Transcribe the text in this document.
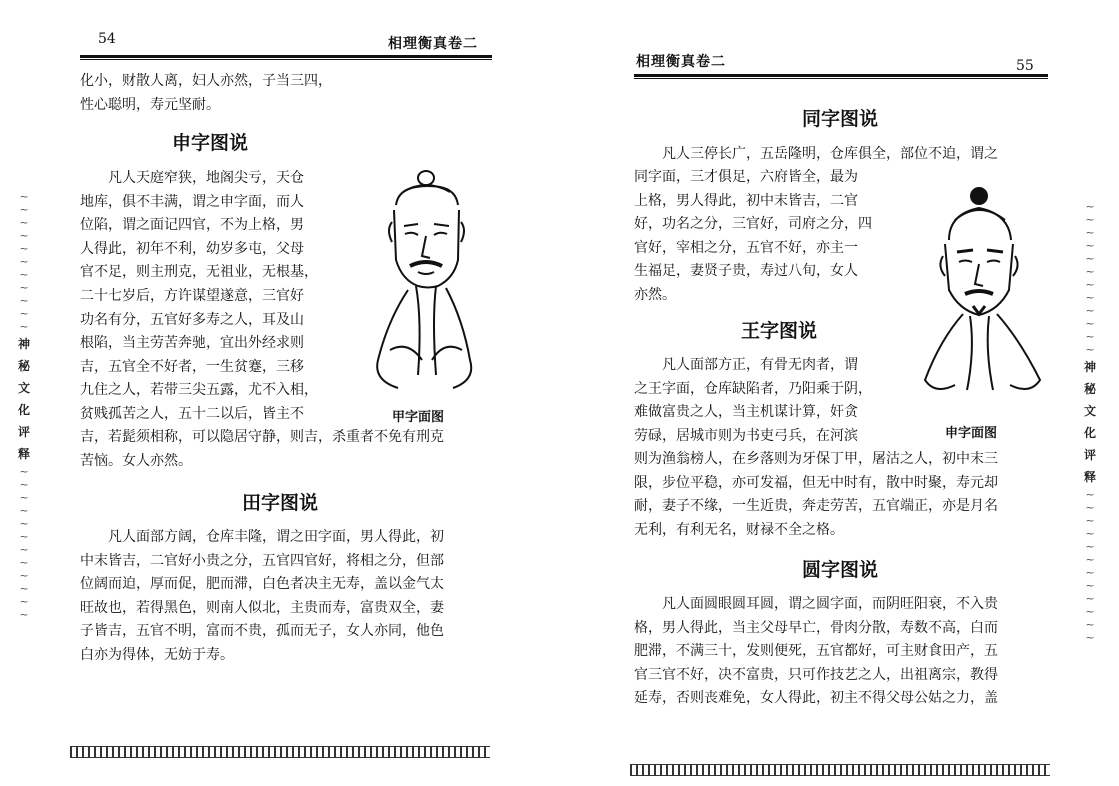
54	相理衡真卷二

化小，财散人离，妇人亦然，子当三四，

性心聪明，寿元坚耐。

申字图说

凡人天庭窄狭，地阁尖亏，天仓

地库，俱不丰满，谓之申字面，而人

位陷，谓之面记四官，不为上格，男

人得此，初年不利，幼岁多屯，父母

官不足，则主刑克，无祖业，无根基，

二十七岁后，方许谋望遂意，三官好

功名有分，五官好多寿之人，耳及山

根陷，当主劳苦奔驰，宜出外经求则

吉，五官全不好者，一生贫蹇，三移

九住之人，若带三尖五露，尤不入相，

贫贱孤苦之人，五十二以后，皆主不	甲字面图

吉，若髭须相称，可以隐居守静，则吉，杀重者不免有刑克

苦恼。女人亦然。

田字图说

凡人面部方阔，仓库丰隆，谓之田字面，男人得此，初

中末皆吉，二官好小贵之分，五官四官好，将相之分，但部

位阔而迫，厚而促，肥而滞，白色者决主无寿，盖以金气太

旺故也，若得黑色，则南人似北，主贵而寿，富贵双全，妻

子皆吉，五官不明，富而不贵，孤而无子，女人亦同，他色

白亦为得体，无妨于寿。

~
~
~
~
~
~
~
~
~
~
~
神
秘
文
化
评
释
~
~
~
~
~
~
~
~
~
~
~
~
相理衡真卷二	55

同字图说

凡人三停长广，五岳隆明，仓库俱全，部位不迫，谓之

同字面，三才俱足，六府皆全，最为

上格，男人得此，初中末皆吉，二官

好，功名之分，三官好，司府之分，四

官好，宰相之分，五官不好，亦主一

生福足，妻贤子贵，寿过八旬，女人

亦然。

王字图说

凡人面部方正，有骨无肉者，谓

之王字面，仓库缺陷者，乃阳乘于阴，

难做富贵之人，当主机谋计算，奸贪

劳碌，居城市则为书吏弓兵，在河滨	申字面图

则为渔翁榜人，在乡落则为牙保丁甲，屠沽之人，初中末三

限，步位平稳，亦可发福，但无中时有，散中时聚，寿元却

耐，妻子不缘，一生近贵，奔走劳苦，五官端正，亦是月名

无利，有利无名，财禄不全之格。

圆字图说

凡人面圆眼圆耳圆，谓之圆字面，而阴旺阳衰，不入贵

格，男人得此，当主父母早亡，骨肉分散，寿数不高，白而

肥滞，不满三十，发则便死，五官都好，可主财食田产，五

官三官不好，决不富贵，只可作技艺之人，出祖离宗，教得

延寿，否则丧难免，女人得此，初主不得父母公姑之力，盖

~
~
~
~
~
~
~
~
~
~
~
~
神
秘
文
化
评
释
~
~
~
~
~
~
~
~
~
~
~
~
